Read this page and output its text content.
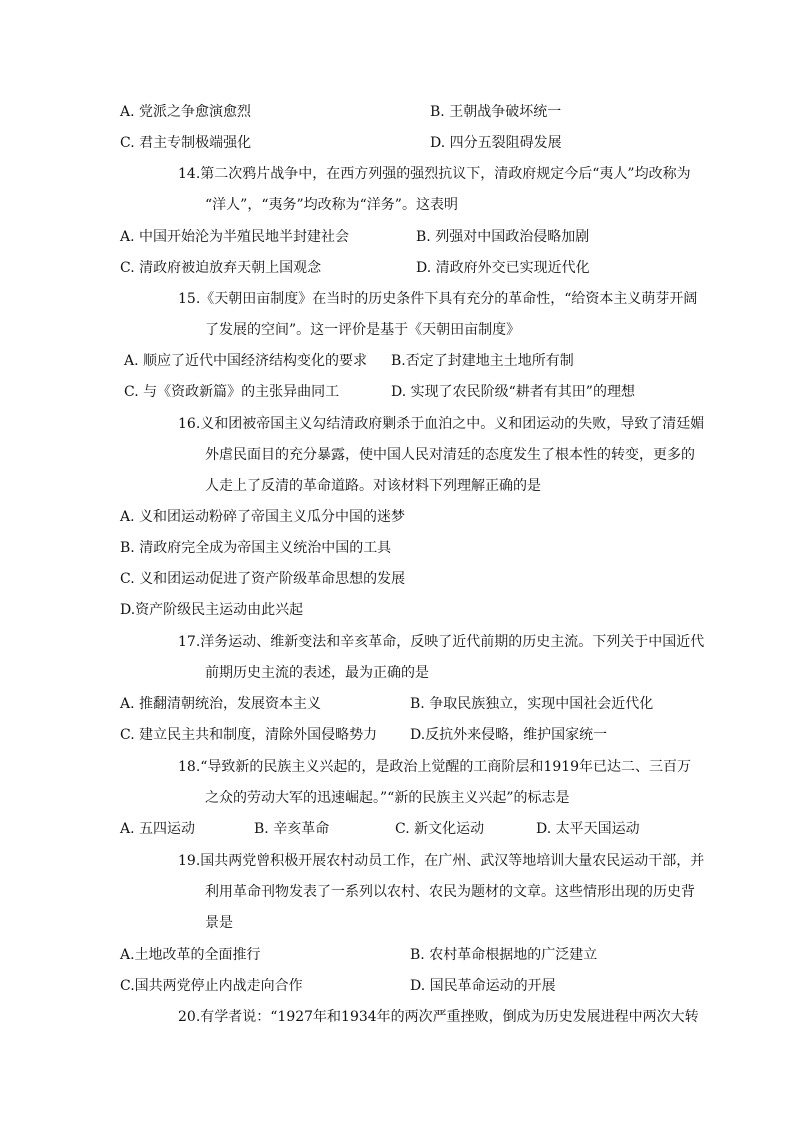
A. 党派之争愈演愈烈	B. 王朝战争破坏统一
C. 君主专制极端强化	D. 四分五裂阻碍发展
14.第二次鸦片战争中，在西方列强的强烈抗议下，清政府规定今后“夷人”均改称为
“洋人”，“夷务”均改称为“洋务”。这表明
A. 中国开始沦为半殖民地半封建社会	B. 列强对中国政治侵略加剧
C. 清政府被迫放弃天朝上国观念	D. 清政府外交已实现近代化
15.《天朝田亩制度》在当时的历史条件下具有充分的革命性，“给资本主义萌芽开阔
了发展的空间”。这一评价是基于《天朝田亩制度》
A. 顺应了近代中国经济结构变化的要求 B.否定了封建地主土地所有制
C. 与《资政新篇》的主张异曲同工	D. 实现了农民阶级“耕者有其田”的理想
16.义和团被帝国主义勾结清政府剿杀于血泊之中。义和团运动的失败，导致了清廷媚
外虐民面目的充分暴露，使中国人民对清廷的态度发生了根本性的转变，更多的
人走上了反清的革命道路。对该材料下列理解正确的是
A. 义和团运动粉碎了帝国主义瓜分中国的迷梦
B. 清政府完全成为帝国主义统治中国的工具
C. 义和团运动促进了资产阶级革命思想的发展
D.资产阶级民主运动由此兴起
17.洋务运动、维新变法和辛亥革命，反映了近代前期的历史主流。下列关于中国近代
前期历史主流的表述，最为正确的是
A. 推翻清朝统治，发展资本主义	B. 争取民族独立，实现中国社会近代化
C. 建立民主共和制度，清除外国侵略势力 D.反抗外来侵略，维护国家统一
18.“导致新的民族主义兴起的，是政治上觉醒的工商阶层和1919年已达二、三百万
之众的劳动大军的迅速崛起。”“新的民族主义兴起”的标志是
A. 五四运动	B. 辛亥革命	C. 新文化运动	D. 太平天国运动
19.国共两党曾积极开展农村动员工作，在广州、武汉等地培训大量农民运动干部，并
利用革命刊物发表了一系列以农村、农民为题材的文章。这些情形出现的历史背
景是
A.土地改革的全面推行	B. 农村革命根据地的广泛建立
C.国共两党停止内战走向合作	D. 国民革命运动的开展
20.有学者说：“1927年和1934年的两次严重挫败，倒成为历史发展进程中两次大转
